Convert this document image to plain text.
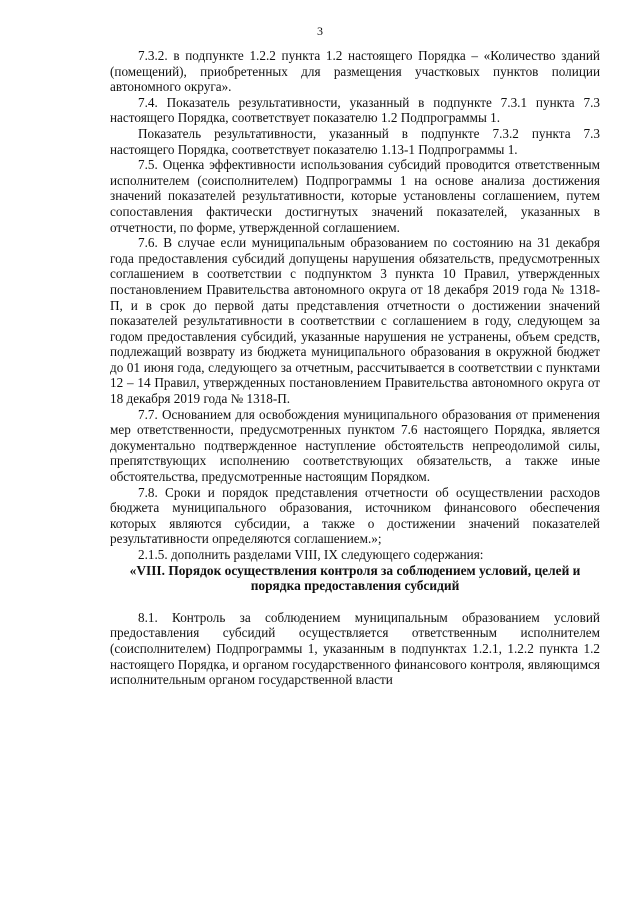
3

7.3.2. в подпункте 1.2.2 пункта 1.2 настоящего Порядка – «Количество зданий (помещений), приобретенных для размещения участковых пунктов полиции автономного округа».

7.4. Показатель результативности, указанный в подпункте 7.3.1 пункта 7.3 настоящего Порядка, соответствует показателю 1.2 Подпрограммы 1.

Показатель результативности, указанный в подпункте 7.3.2 пункта 7.3 настоящего Порядка, соответствует показателю 1.13-1 Подпрограммы 1.

7.5. Оценка эффективности использования субсидий проводится ответственным исполнителем (соисполнителем) Подпрограммы 1 на основе анализа достижения значений показателей результативности, которые установлены соглашением, путем сопоставления фактически достигнутых значений показателей, указанных в отчетности, по форме, утвержденной соглашением.

7.6. В случае если муниципальным образованием по состоянию на 31 декабря года предоставления субсидий допущены нарушения обязательств, предусмотренных соглашением в соответствии с подпунктом 3 пункта 10 Правил, утвержденных постановлением Правительства автономного округа от 18 декабря 2019 года № 1318-П, и в срок до первой даты представления отчетности о достижении значений показателей результативности в соответствии с соглашением в году, следующем за годом предоставления субсидий, указанные нарушения не устранены, объем средств, подлежащий возврату из бюджета муниципального образования в окружной бюджет до 01 июня года, следующего за отчетным, рассчитывается в соответствии с пунктами 12 – 14 Правил, утвержденных постановлением Правительства автономного округа от 18 декабря 2019 года № 1318-П.

7.7. Основанием для освобождения муниципального образования от применения мер ответственности, предусмотренных пунктом 7.6 настоящего Порядка, является документально подтвержденное наступление обстоятельств непреодолимой силы, препятствующих исполнению соответствующих обязательств, а также иные обстоятельства, предусмотренные настоящим Порядком.

7.8. Сроки и порядок представления отчетности об осуществлении расходов бюджета муниципального образования, источником финансового обеспечения которых являются субсидии, а также о достижении значений показателей результативности определяются соглашением.»;

2.1.5. дополнить разделами VIII, IX следующего содержания:

«VIII. Порядок осуществления контроля за соблюдением условий, целей и порядка предоставления субсидий

8.1. Контроль за соблюдением муниципальным образованием условий предоставления субсидий осуществляется ответственным исполнителем (соисполнителем) Подпрограммы 1, указанным в подпунктах 1.2.1, 1.2.2 пункта 1.2 настоящего Порядка, и органом государственного финансового контроля, являющимся исполнительным органом государственной власти
